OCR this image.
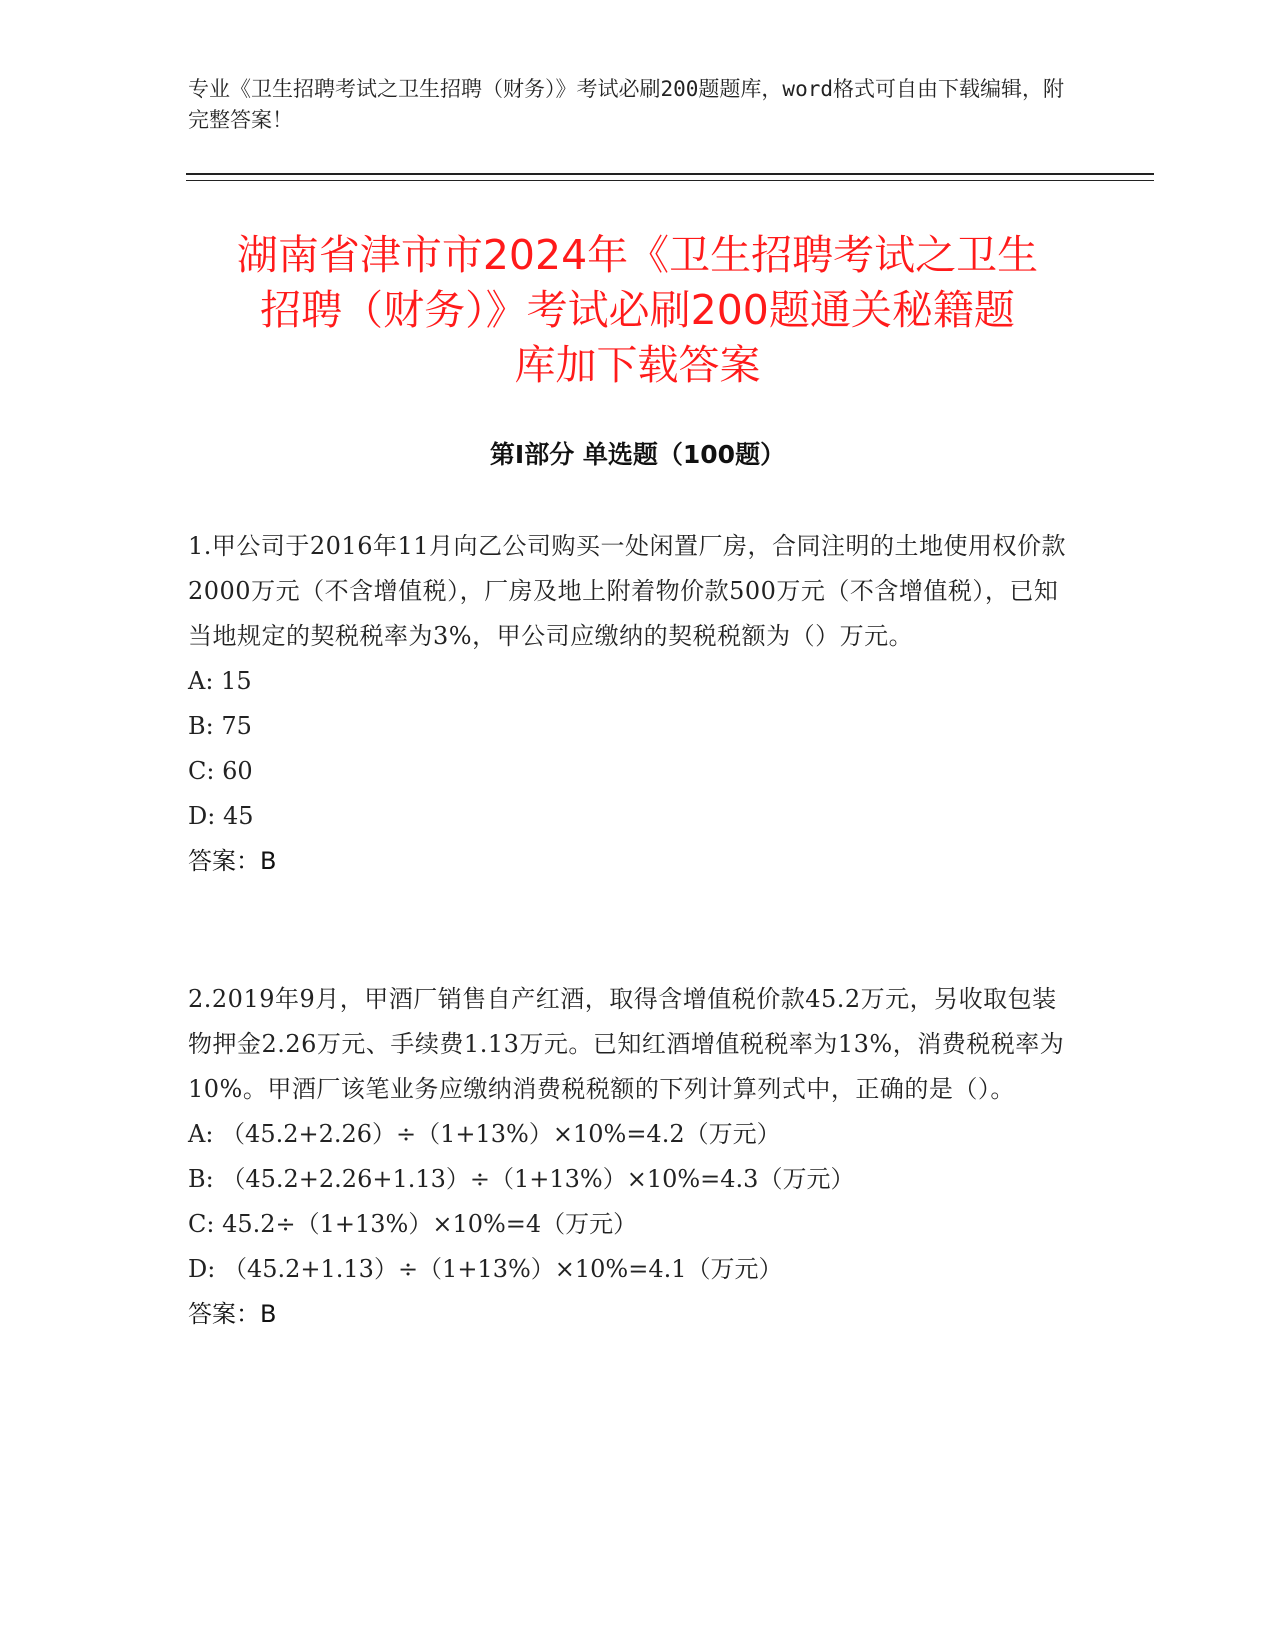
专业《卫生招聘考试之卫生招聘（财务）》考试必刷200题题库，word格式可自由下载编辑，附完整答案！
湖南省津市市2024年《卫生招聘考试之卫生
招聘（财务）》考试必刷200题通关秘籍题
库加下载答案
第Ⅰ部分 单选题（100题）
1.甲公司于2016年11月向乙公司购买一处闲置厂房，合同注明的土地使用权价款2000万元（不含增值税），厂房及地上附着物价款500万元（不含增值税），已知当地规定的契税税率为3%，甲公司应缴纳的契税税额为（）万元。
A: 15
B: 75
C: 60
D: 45
答案：B
2.2019年9月，甲酒厂销售自产红酒，取得含增值税价款45.2万元，另收取包装物押金2.26万元、手续费1.13万元。已知红酒增值税税率为13%，消费税税率为10%。甲酒厂该笔业务应缴纳消费税税额的下列计算列式中，正确的是（）。
A: （45.2+2.26）÷（1+13%）×10%=4.2（万元）
B: （45.2+2.26+1.13）÷（1+13%）×10%=4.3（万元）
C: 45.2÷（1+13%）×10%=4（万元）
D: （45.2+1.13）÷（1+13%）×10%=4.1（万元）
答案：B
